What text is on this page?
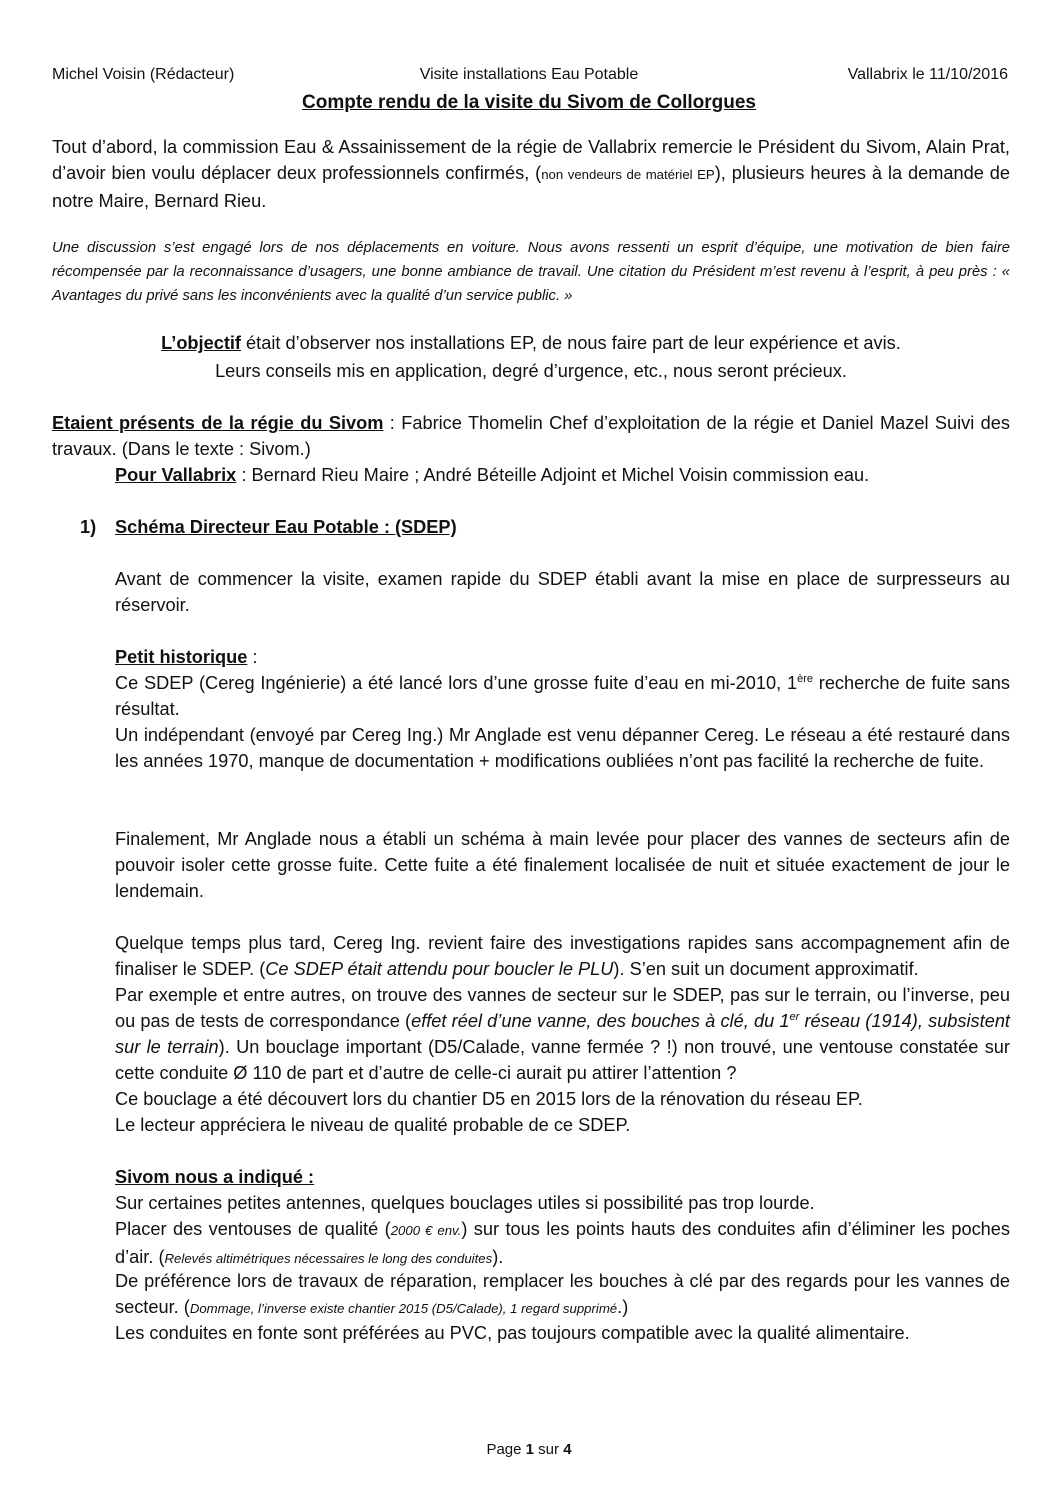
Michel Voisin (Rédacteur)	Visite installations Eau Potable	Vallabrix le 11/10/2016
Compte rendu de la visite du Sivom de Collorgues
Tout d’abord, la commission Eau & Assainissement de la régie de Vallabrix remercie le Président du Sivom, Alain Prat, d’avoir bien voulu déplacer deux professionnels confirmés, (non vendeurs de matériel EP), plusieurs heures à la demande de notre Maire, Bernard Rieu.
Une discussion s’est engagé lors de nos déplacements en voiture. Nous avons ressenti un esprit d’équipe, une motivation de bien faire récompensée par la reconnaissance d’usagers, une bonne ambiance de travail. Une citation du Président m’est revenu à l’esprit, à peu près : « Avantages du privé sans les inconvénients avec la qualité d’un service public. »
L’objectif était d’observer nos installations EP, de nous faire part de leur expérience et avis.
Leurs conseils mis en application, degré d’urgence, etc., nous seront précieux.
Etaient présents de la régie du Sivom : Fabrice Thomelin Chef d’exploitation de la régie et Daniel Mazel Suivi des travaux. (Dans le texte : Sivom.)
Pour Vallabrix : Bernard Rieu Maire ; André Béteille Adjoint et Michel Voisin commission eau.
1) Schéma Directeur Eau Potable : (SDEP)
Avant de commencer la visite, examen rapide du SDEP établi avant la mise en place de surpresseurs au réservoir.
Petit historique :
Ce SDEP (Cereg Ingénierie) a été lancé lors d’une grosse fuite d’eau en mi-2010, 1ère recherche de fuite sans résultat.
Un indépendant (envoyé par Cereg Ing.) Mr Anglade est venu dépanner Cereg. Le réseau a été restauré dans les années 1970, manque de documentation + modifications oubliées n’ont pas facilité la recherche de fuite.
Finalement, Mr Anglade nous a établi un schéma à main levée pour placer des vannes de secteurs afin de pouvoir isoler cette grosse fuite. Cette fuite a été finalement localisée de nuit et située exactement de jour le lendemain.
Quelque temps plus tard, Cereg Ing. revient faire des investigations rapides sans accompagnement afin de finaliser le SDEP. (Ce SDEP était attendu pour boucler le PLU). S’en suit un document approximatif.
Par exemple et entre autres, on trouve des vannes de secteur sur le SDEP, pas sur le terrain, ou l’inverse, peu ou pas de tests de correspondance (effet réel d’une vanne, des bouches à clé, du 1er réseau (1914), subsistent sur le terrain). Un bouclage important (D5/Calade, vanne fermée ? !) non trouvé, une ventouse constatée sur cette conduite Ø 110 de part et d’autre de celle-ci aurait pu attirer l’attention ?
Ce bouclage a été découvert lors du chantier D5 en 2015 lors de la rénovation du réseau EP.
Le lecteur appréciera le niveau de qualité probable de ce SDEP.
Sivom nous a indiqué :
Sur certaines petites antennes, quelques bouclages utiles si possibilité pas trop lourde.
Placer des ventouses de qualité (2000 € env.) sur tous les points hauts des conduites afin d’éliminer les poches d’air. (Relevés altimétriques nécessaires le long des conduites).
De préférence lors de travaux de réparation, remplacer les bouches à clé par des regards pour les vannes de secteur. (Dommage, l’inverse existe chantier 2015 (D5/Calade), 1 regard supprimé.)
Les conduites en fonte sont préférées au PVC, pas toujours compatible avec la qualité alimentaire.
Page 1 sur 4
